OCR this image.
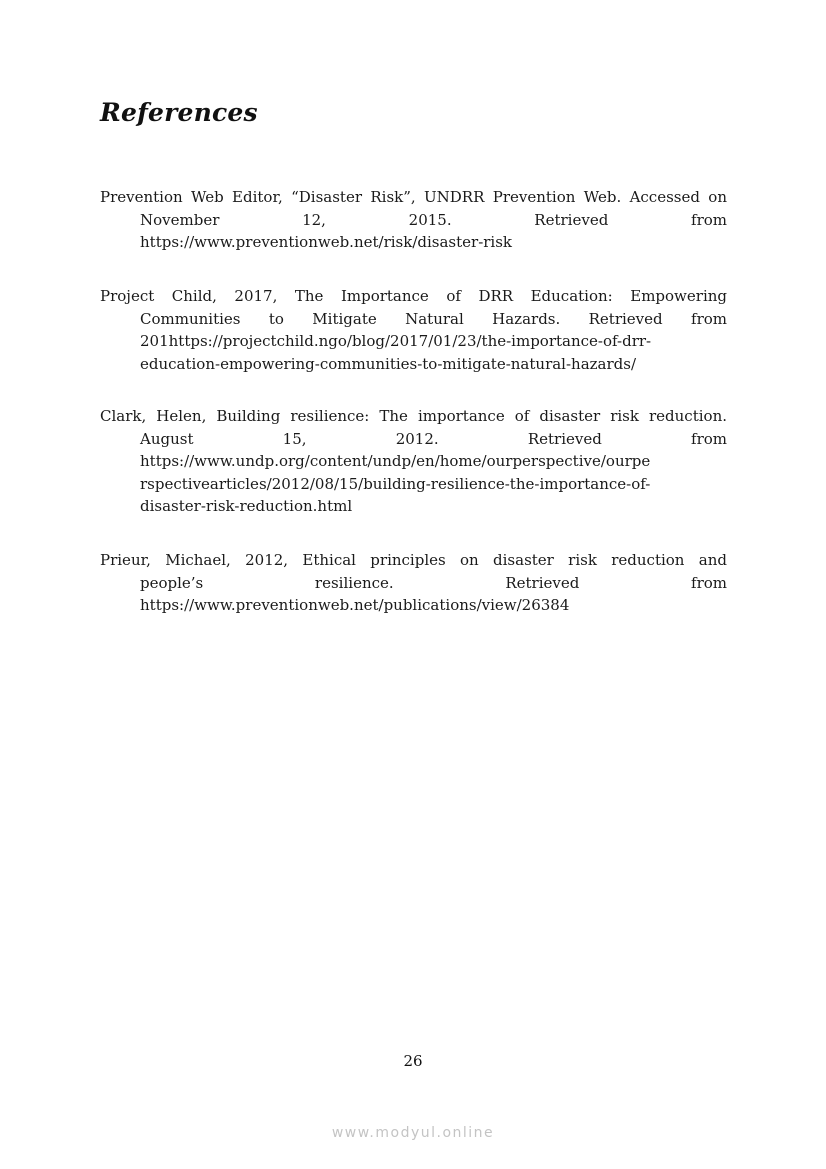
References
Prevention Web Editor, “Disaster Risk”, UNDRR Prevention Web. Accessed on
November 12, 2015. Retrieved from
https://www.preventionweb.net/risk/disaster-risk
Project Child, 2017, The Importance of DRR Education: Empowering
Communities to Mitigate Natural Hazards. Retrieved from
201https://projectchild.ngo/blog/2017/01/23/the-importance-of-drr-
education-empowering-communities-to-mitigate-natural-hazards/
Clark, Helen, Building resilience: The importance of disaster risk reduction.
August 15, 2012. Retrieved from
https://www.undp.org/content/undp/en/home/ourperspective/ourpe
rspectivearticles/2012/08/15/building-resilience-the-importance-of-
disaster-risk-reduction.html
Prieur, Michael, 2012, Ethical principles on disaster risk reduction and
people’s resilience. Retrieved from
https://www.preventionweb.net/publications/view/26384
26
www.modyul.online
